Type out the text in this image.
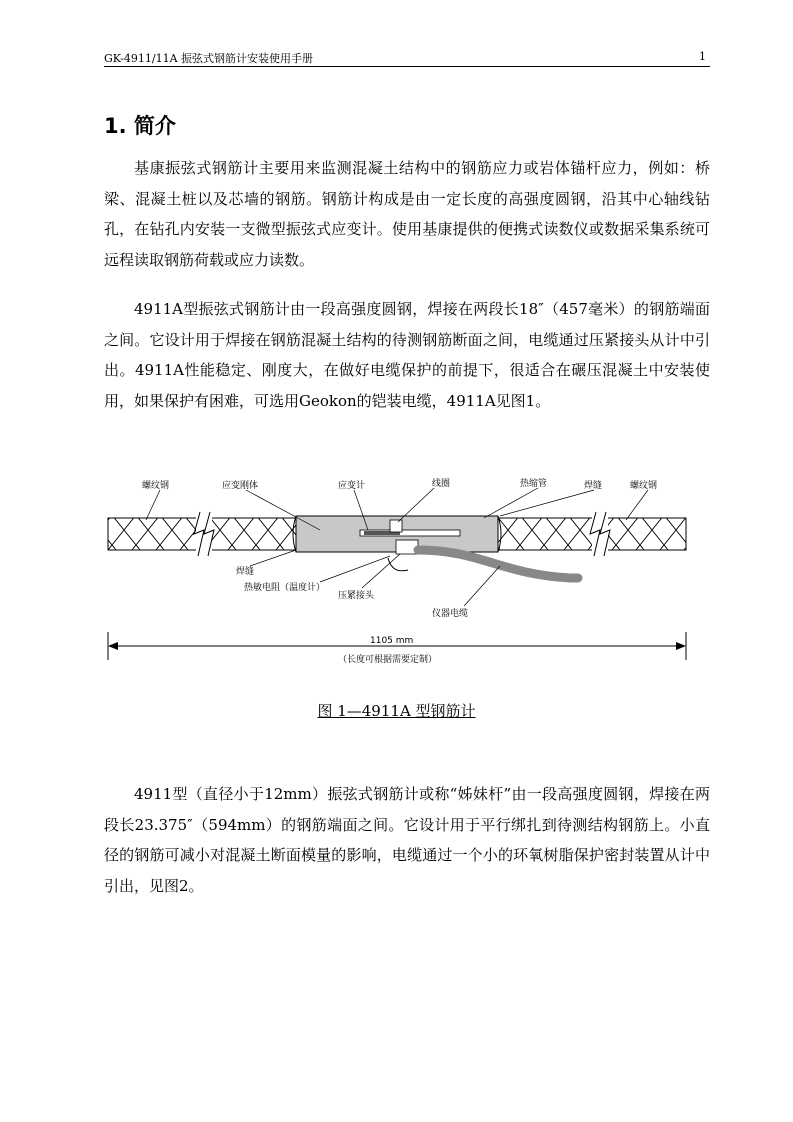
GK-4911/11A 振弦式钢筋计安装使用手册	1
1. 简介

基康振弦式钢筋计主要用来监测混凝土结构中的钢筋应力或岩体锚杆应力，例如：桥梁、混凝土桩以及芯墙的钢筋。钢筋计构成是由一定长度的高强度圆钢，沿其中心轴线钻孔，在钻孔内安装一支微型振弦式应变计。使用基康提供的便携式读数仪或数据采集系统可远程读取钢筋荷载或应力读数。

4911A型振弦式钢筋计由一段高强度圆钢，焊接在两段长18″（457毫米）的钢筋端面之间。它设计用于焊接在钢筋混凝土结构的待测钢筋断面之间，电缆通过压紧接头从计中引出。4911A性能稳定、刚度大，在做好电缆保护的前提下，很适合在碾压混凝土中安装使用，如果保护有困难，可选用Geokon的铠装电缆，4911A见图1。

螺纹钢	应变刚体	应变计	线圈	热缩管	焊缝	螺纹钢
焊缝
热敏电阻（温度计）
压紧接头
仪器电缆
1105 mm
（长度可根据需要定制）
图 1—4911A 型钢筋计

4911型（直径小于12mm）振弦式钢筋计或称“姊妹杆”由一段高强度圆钢，焊接在两段长23.375″（594mm）的钢筋端面之间。它设计用于平行绑扎到待测结构钢筋上。小直径的钢筋可减小对混凝土断面模量的影响，电缆通过一个小的环氧树脂保护密封装置从计中引出，见图2。
